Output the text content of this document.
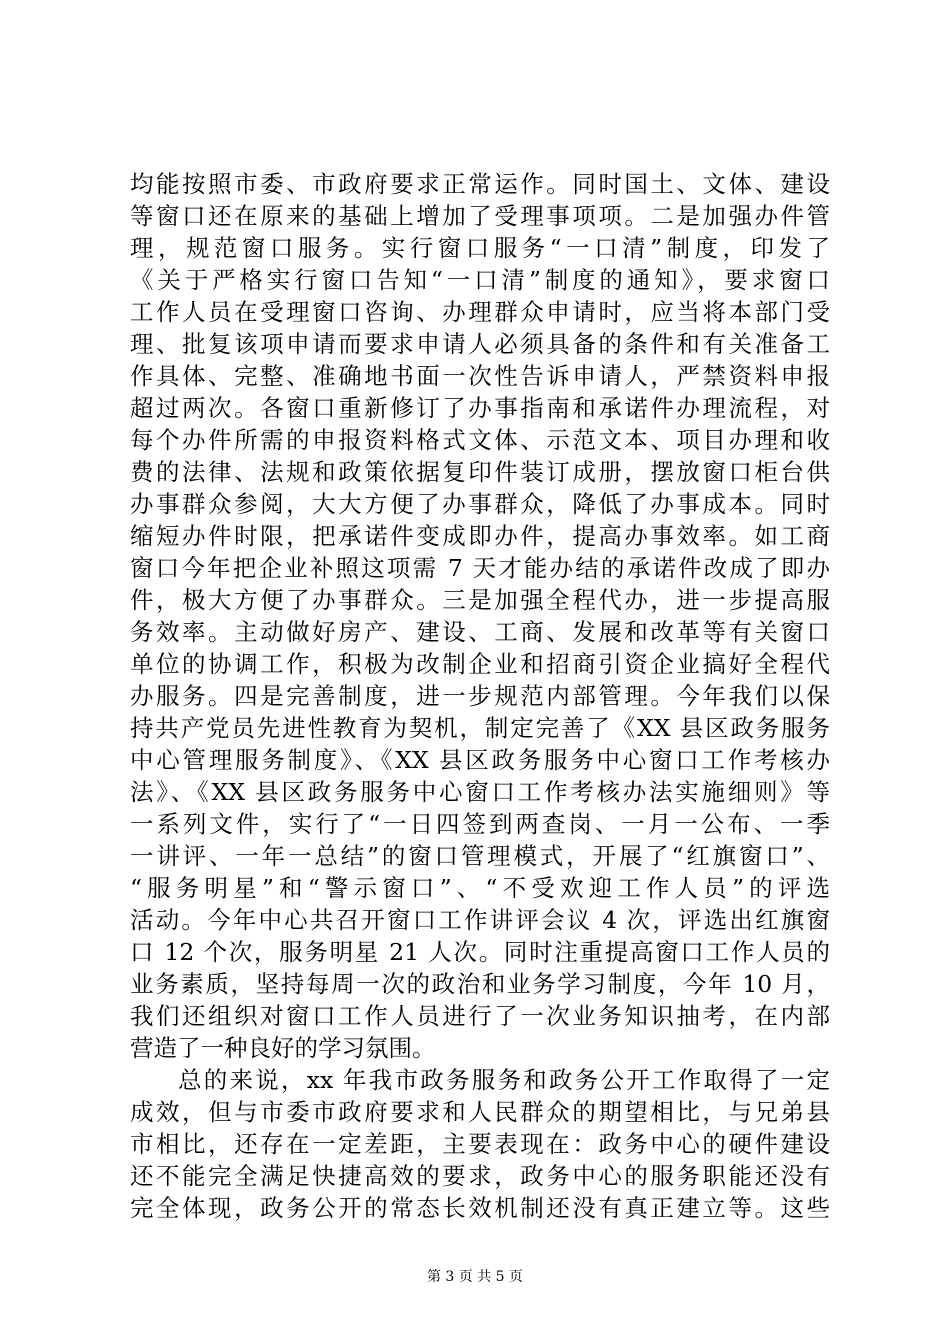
均能按照市委、市政府要求正常运作。同时国土、文体、建设
等窗口还在原来的基础上增加了受理事项项。二是加强办件管
理，规范窗口服务。实行窗口服务“一口清”制度，印发了
《关于严格实行窗口告知“一口清”制度的通知》，要求窗口
工作人员在受理窗口咨询、办理群众申请时，应当将本部门受
理、批复该项申请而要求申请人必须具备的条件和有关准备工
作具体、完整、准确地书面一次性告诉申请人，严禁资料申报
超过两次。各窗口重新修订了办事指南和承诺件办理流程，对
每个办件所需的申报资料格式文体、示范文本、项目办理和收
费的法律、法规和政策依据复印件装订成册，摆放窗口柜台供
办事群众参阅，大大方便了办事群众，降低了办事成本。同时
缩短办件时限，把承诺件变成即办件，提高办事效率。如工商
窗口今年把企业补照这项需 7 天才能办结的承诺件改成了即办
件，极大方便了办事群众。三是加强全程代办，进一步提高服
务效率。主动做好房产、建设、工商、发展和改革等有关窗口
单位的协调工作，积极为改制企业和招商引资企业搞好全程代
办服务。四是完善制度，进一步规范内部管理。今年我们以保
持共产党员先进性教育为契机，制定完善了《XX 县区政务服务
中心管理服务制度》、《XX 县区政务服务中心窗口工作考核办
法》、《XX 县区政务服务中心窗口工作考核办法实施细则》等
一系列文件，实行了“一日四签到两查岗、一月一公布、一季
一讲评、一年一总结”的窗口管理模式，开展了“红旗窗口”、
“服务明星”和“警示窗口”、“不受欢迎工作人员”的评选
活动。今年中心共召开窗口工作讲评会议 4 次，评选出红旗窗
口 12 个次，服务明星 21 人次。同时注重提高窗口工作人员的
业务素质，坚持每周一次的政治和业务学习制度，今年 10 月，
我们还组织对窗口工作人员进行了一次业务知识抽考，在内部
营造了一种良好的学习氛围。
总的来说，xx 年我市政务服务和政务公开工作取得了一定
成效，但与市委市政府要求和人民群众的期望相比，与兄弟县
市相比，还存在一定差距，主要表现在：政务中心的硬件建设
还不能完全满足快捷高效的要求，政务中心的服务职能还没有
完全体现，政务公开的常态长效机制还没有真正建立等。这些
第 3 页 共 5 页
